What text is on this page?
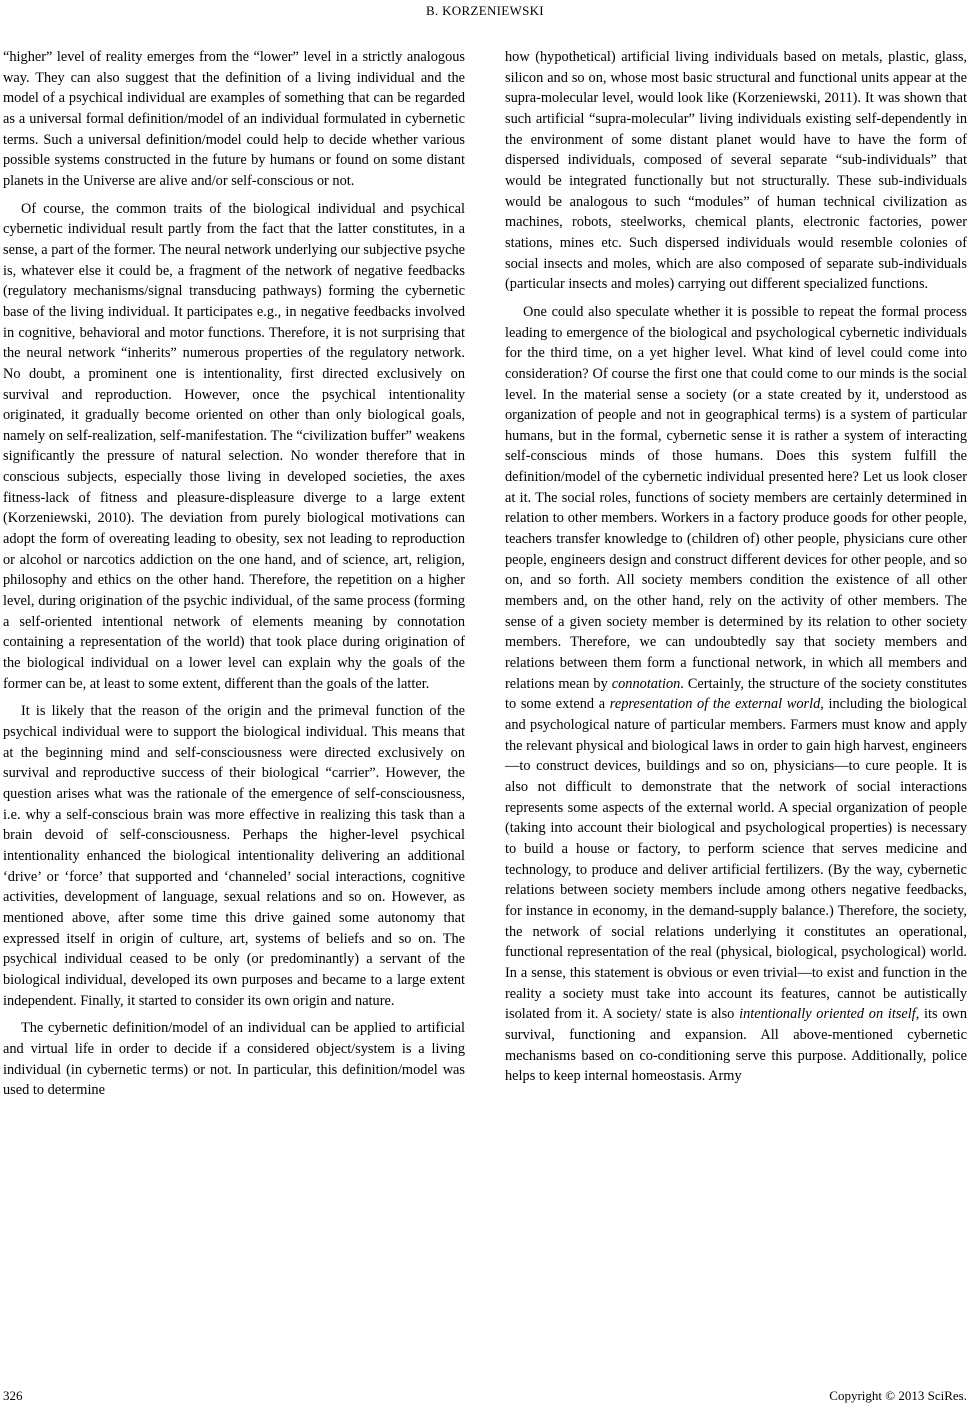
B. KORZENIEWSKI

“higher” level of reality emerges from the “lower” level in a strictly analogous way. They can also suggest that the definition of a living individual and the model of a psychical individual are examples of something that can be regarded as a universal formal definition/model of an individual formulated in cybernetic terms. Such a universal definition/model could help to decide whether various possible systems constructed in the future by humans or found on some distant planets in the Universe are alive and/or self-conscious or not.

Of course, the common traits of the biological individual and psychical cybernetic individual result partly from the fact that the latter constitutes, in a sense, a part of the former. The neural network underlying our subjective psyche is, whatever else it could be, a fragment of the network of negative feedbacks (regulatory mechanisms/signal transducing pathways) forming the cybernetic base of the living individual. It participates e.g., in negative feedbacks involved in cognitive, behavioral and motor functions. Therefore, it is not surprising that the neural network “inherits” numerous properties of the regulatory network. No doubt, a prominent one is intentionality, first directed exclusively on survival and reproduction. However, once the psychical intentionality originated, it gradually become oriented on other than only biological goals, namely on self-realization, self-manifestation. The “civilization buffer” weakens significantly the pressure of natural selection. No wonder therefore that in conscious subjects, especially those living in developed societies, the axes fitness-lack of fitness and pleasure-displeasure diverge to a large extent (Korzeniewski, 2010). The deviation from purely biological motivations can adopt the form of overeating leading to obesity, sex not leading to reproduction or alcohol or narcotics addiction on the one hand, and of science, art, religion, philosophy and ethics on the other hand. Therefore, the repetition on a higher level, during origination of the psychic individual, of the same process (forming a self-oriented intentional network of elements meaning by connotation containing a representation of the world) that took place during origination of the biological individual on a lower level can explain why the goals of the former can be, at least to some extent, different than the goals of the latter.

It is likely that the reason of the origin and the primeval function of the psychical individual were to support the biological individual. This means that at the beginning mind and self-consciousness were directed exclusively on survival and reproductive success of their biological “carrier”. However, the question arises what was the rationale of the emergence of self-consciousness, i.e. why a self-conscious brain was more effective in realizing this task than a brain devoid of self-consciousness. Perhaps the higher-level psychical intentionality enhanced the biological intentionality delivering an additional ‘drive’ or ‘force’ that supported and ‘channeled’ social interactions, cognitive activities, development of language, sexual relations and so on. However, as mentioned above, after some time this drive gained some autonomy that expressed itself in origin of culture, art, systems of beliefs and so on. The psychical individual ceased to be only (or predominantly) a servant of the biological individual, developed its own purposes and became to a large extent independent. Finally, it started to consider its own origin and nature.

The cybernetic definition/model of an individual can be applied to artificial and virtual life in order to decide if a considered object/system is a living individual (in cybernetic terms) or not. In particular, this definition/model was used to determine

how (hypothetical) artificial living individuals based on metals, plastic, glass, silicon and so on, whose most basic structural and functional units appear at the supra-molecular level, would look like (Korzeniewski, 2011). It was shown that such artificial “supra-molecular” living individuals existing self-dependently in the environment of some distant planet would have to have the form of dispersed individuals, composed of several separate “sub-individuals” that would be integrated functionally but not structurally. These sub-individuals would be analogous to such “modules” of human technical civilization as machines, robots, steelworks, chemical plants, electronic factories, power stations, mines etc. Such dispersed individuals would resemble colonies of social insects and moles, which are also composed of separate sub-individuals (particular insects and moles) carrying out different specialized functions.

One could also speculate whether it is possible to repeat the formal process leading to emergence of the biological and psychological cybernetic individuals for the third time, on a yet higher level. What kind of level could come into consideration? Of course the first one that could come to our minds is the social level. In the material sense a society (or a state created by it, understood as organization of people and not in geographical terms) is a system of particular humans, but in the formal, cybernetic sense it is rather a system of interacting self-conscious minds of those humans. Does this system fulfill the definition/model of the cybernetic individual presented here? Let us look closer at it. The social roles, functions of society members are certainly determined in relation to other members. Workers in a factory produce goods for other people, teachers transfer knowledge to (children of) other people, physicians cure other people, engineers design and construct different devices for other people, and so on, and so forth. All society members condition the existence of all other members and, on the other hand, rely on the activity of other members. The sense of a given society member is determined by its relation to other society members. Therefore, we can undoubtedly say that society members and relations between them form a functional network, in which all members and relations mean by connotation. Certainly, the structure of the society constitutes to some extend a representation of the external world, including the biological and psychological nature of particular members. Farmers must know and apply the relevant physical and biological laws in order to gain high harvest, engineers—to construct devices, buildings and so on, physicians—to cure people. It is also not difficult to demonstrate that the network of social interactions represents some aspects of the external world. A special organization of people (taking into account their biological and psychological properties) is necessary to build a house or factory, to perform science that serves medicine and technology, to produce and deliver artificial fertilizers. (By the way, cybernetic relations between society members include among others negative feedbacks, for instance in economy, in the demand-supply balance.) Therefore, the society, the network of social relations underlying it constitutes an operational, functional representation of the real (physical, biological, psychological) world. In a sense, this statement is obvious or even trivial—to exist and function in the reality a society must take into account its features, cannot be autistically isolated from it. A society/ state is also intentionally oriented on itself, its own survival, functioning and expansion. All above-mentioned cybernetic mechanisms based on co-conditioning serve this purpose. Additionally, police helps to keep internal homeostasis. Army

326	Copyright © 2013 SciRes.
